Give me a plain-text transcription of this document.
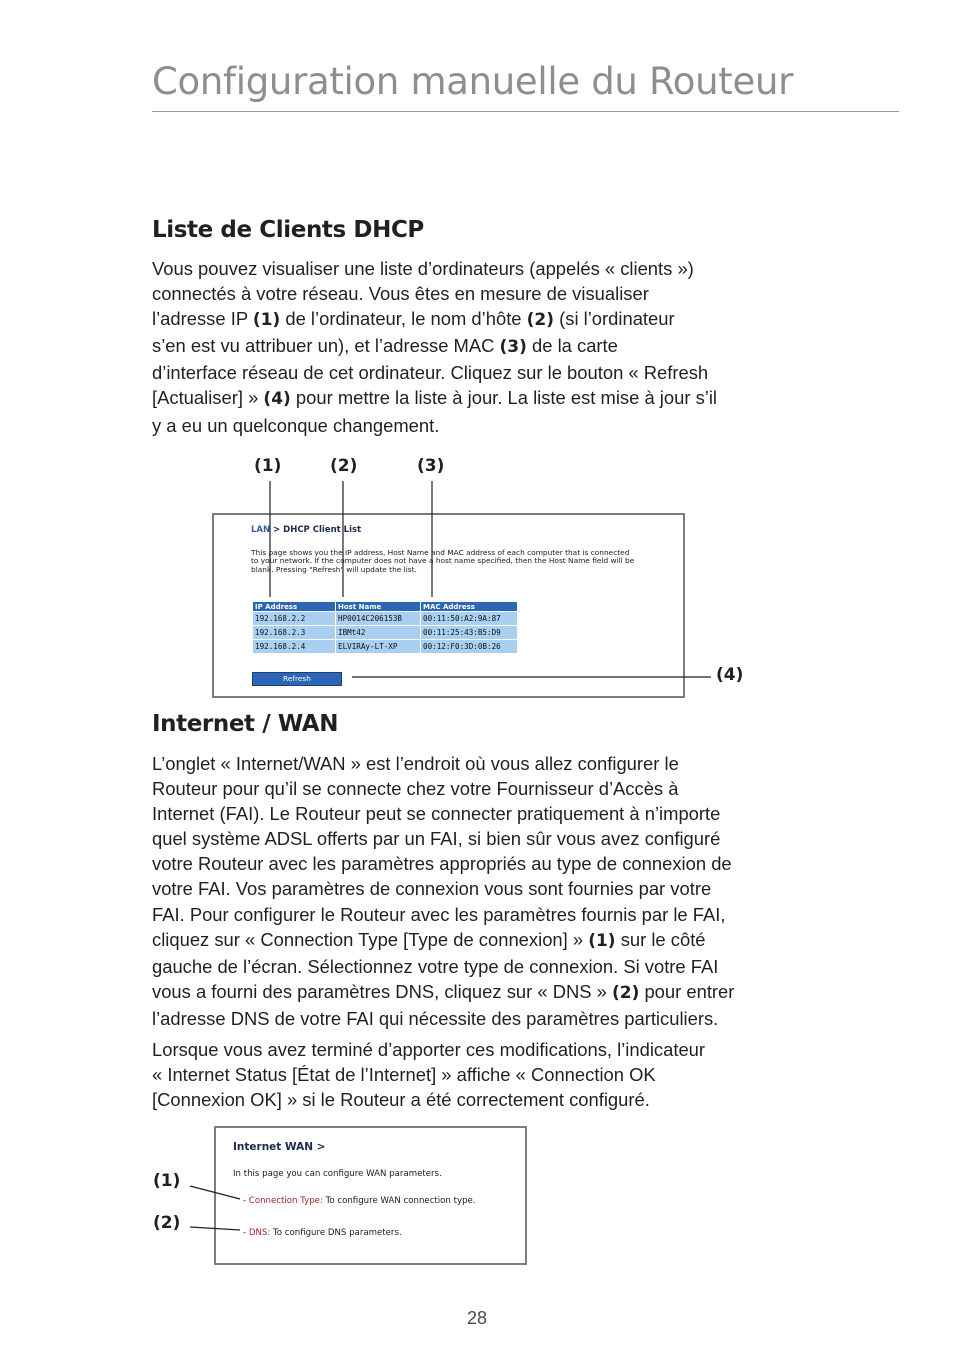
Configuration manuelle du Routeur
Liste de Clients DHCP
Vous pouvez visualiser une liste d’ordinateurs (appelés « clients »)
connectés à votre réseau. Vous êtes en mesure de visualiser
l’adresse IP (1) de l’ordinateur, le nom d’hôte (2) (si l’ordinateur
s’en est vu attribuer un), et l’adresse MAC (3) de la carte
d’interface réseau de cet ordinateur. Cliquez sur le bouton « Refresh
[Actualiser] » (4) pour mettre la liste à jour. La liste est mise à jour s’il
y a eu un quelconque changement.
(1)	(2)	(3)
(4)
LAN > DHCP Client List
This page shows you the IP address, Host Name and MAC address of each computer that is connected
to your network. If the computer does not have a host name specified, then the Host Name field will be
blank. Pressing "Refresh" will update the list.
IP Address	Host Name	MAC Address
192.168.2.2	HP0014C206153B	00:11:50:A2:9A:87
192.168.2.3	IBMt42	00:11:25:43:B5:D9
192.168.2.4	ELVIRAy-LT-XP	00:12:F0:3D:0B:26
Refresh
Internet / WAN
L’onglet « Internet/WAN » est l’endroit où vous allez configurer le
Routeur pour qu’il se connecte chez votre Fournisseur d’Accès à
Internet (FAI). Le Routeur peut se connecter pratiquement à n’importe
quel système ADSL offerts par un FAI, si bien sûr vous avez configuré
votre Routeur avec les paramètres appropriés au type de connexion de
votre FAI. Vos paramètres de connexion vous sont fournies par votre
FAI. Pour configurer le Routeur avec les paramètres fournis par le FAI,
cliquez sur « Connection Type [Type de connexion] » (1) sur le côté
gauche de l’écran. Sélectionnez votre type de connexion. Si votre FAI
vous a fourni des paramètres DNS, cliquez sur « DNS » (2) pour entrer
l’adresse DNS de votre FAI qui nécessite des paramètres particuliers.
Lorsque vous avez terminé d’apporter ces modifications, l’indicateur
« Internet Status [État de l’Internet] » affiche « Connection OK
[Connexion OK] » si le Routeur a été correctement configuré.
(1)
(2)
Internet WAN >
In this page you can configure WAN parameters.
- Connection Type: To configure WAN connection type.
- DNS: To configure DNS parameters.
28
